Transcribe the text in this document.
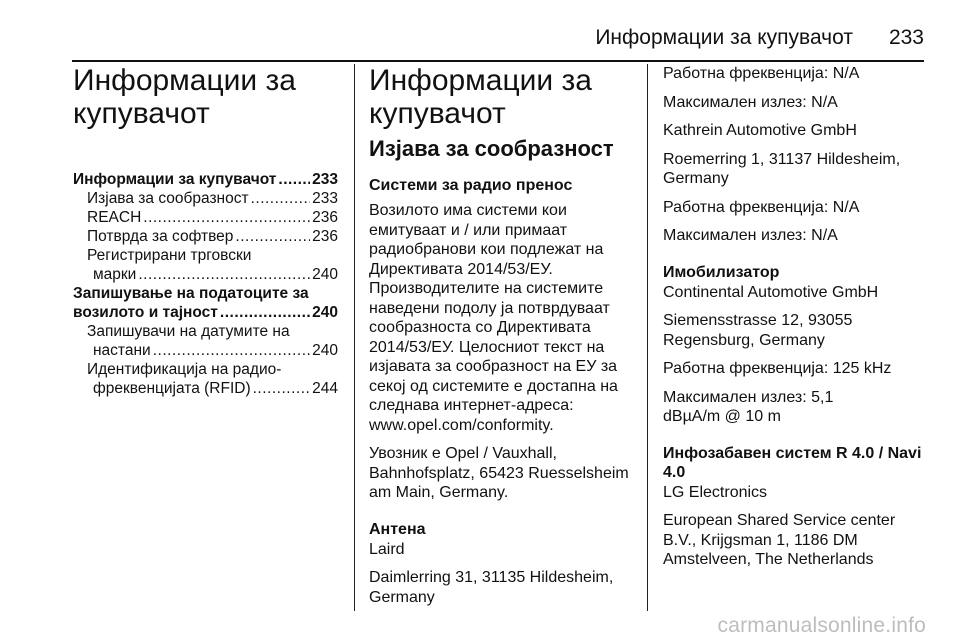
Информации за купувачот 233
Информации за купувачот
Информации за купувачот ..... 233
Изјава за сообразност .....	233
REACH .....	236
Потврда за софтвер .....	236
Регистрирани трговски
марки .....	240
Запишување на податоците за
возилото и тајност .....	240
Запишувачи на датумите на
настани .....	240
Идентификација на радио-
фреквенцијата (RFID) .....	244
Информации за купувачот
Изјава за сообразност
Системи за радио пренос

Возилото има системи кои емитуваат и / или примаат радиобранови кои подлежат на Директивата 2014/53/ЕУ. Производителите на системите наведени подолу ја потврдуваат сообразноста со Директивата 2014/53/ЕУ. Целосниот текст на изјавата за сообразност на ЕУ за секој од системите е достапна на следнава интернет-адреса: www.opel.com/conformity.

Увозник е Opel / Vauxhall, Bahnhofsplatz, 65423 Ruesselsheim am Main, Germany.

Антена

Laird

Daimlerring 31, 31135 Hildesheim, Germany

Работна фреквенција: N/A

Максимален излез: N/A

Kathrein Automotive GmbH

Roemerring 1, 31137 Hildesheim, Germany

Работна фреквенција: N/A

Максимален излез: N/A

Имобилизатор

Continental Automotive GmbH

Siemensstrasse 12, 93055 Regensburg, Germany

Работна фреквенција: 125 kHz

Максимален излез: 5,1 dBµA/m @ 10 m

Инфозабавен систем R 4.0 / Navi 4.0

LG Electronics

European Shared Service center B.V., Krijgsman 1, 1186 DM Amstelveen, The Netherlands

carmanualsonline.info
